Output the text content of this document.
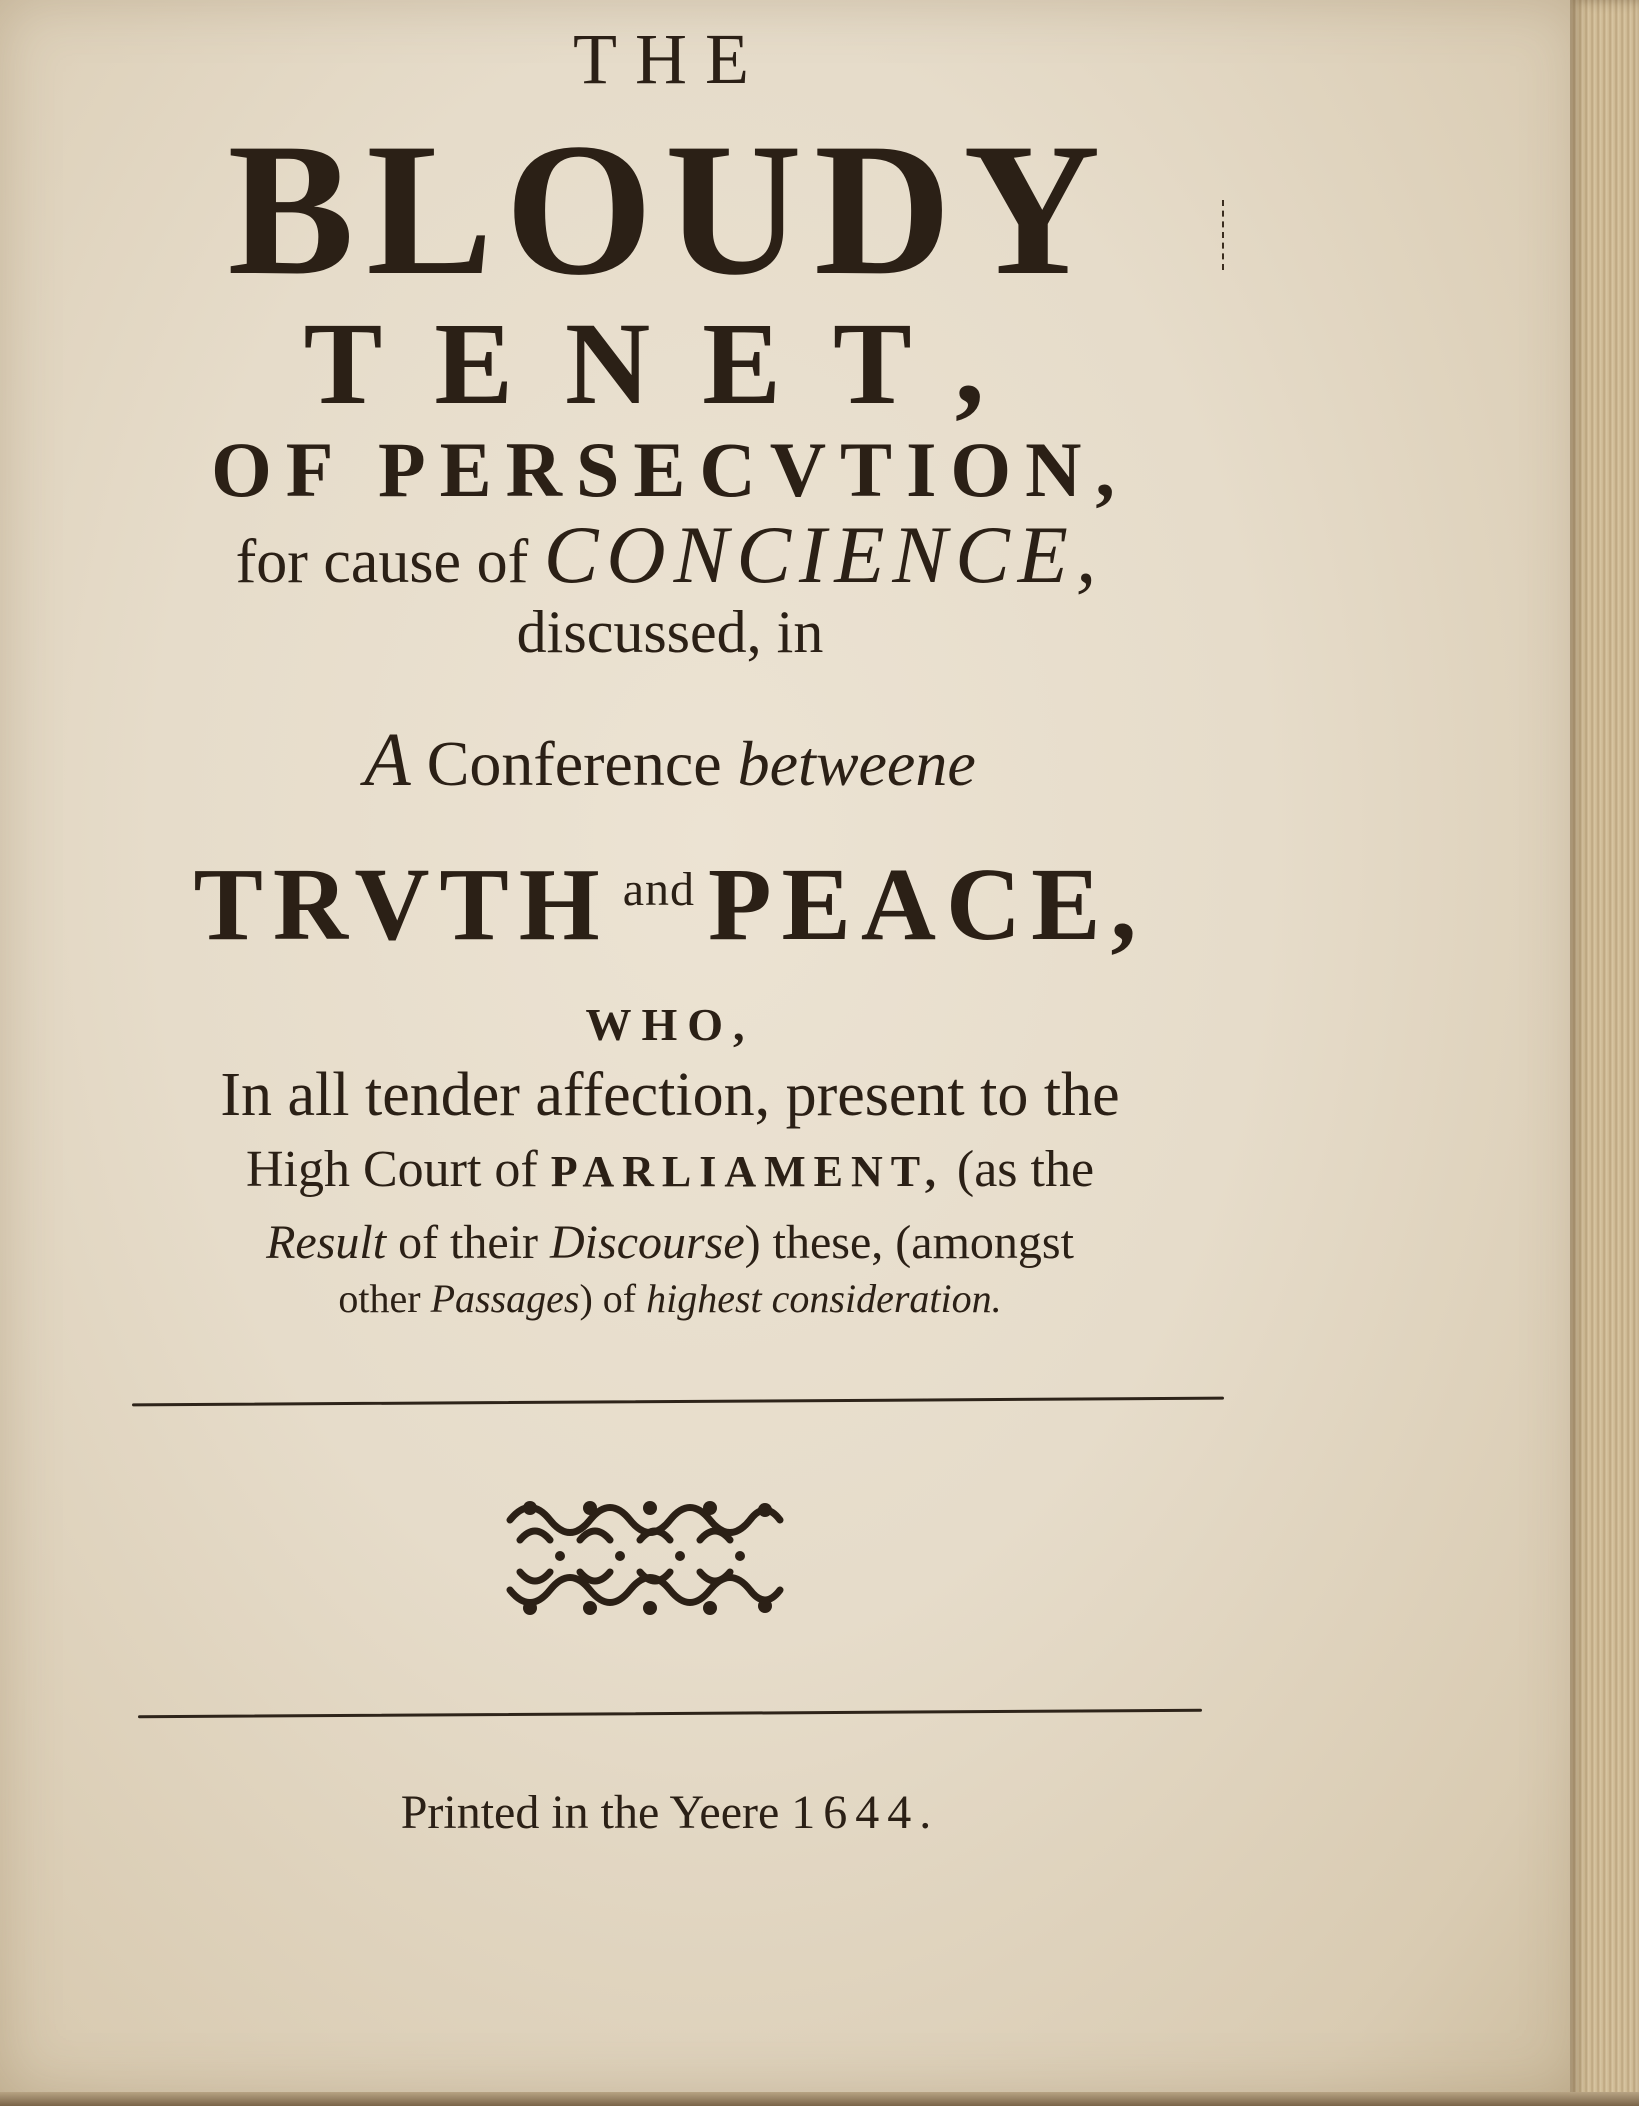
THE
BLOUDY
TENET,
OF PERSECVTION,
for cause of CONCIENCE,
discussed, in
A Conference betweene
TRVTH $^{and}$ PEACE,
WHO,
In all tender affection, present to the
High Court of PARLIAMENT, (as the
Result of their Discourse) these, (amongst
other Passages) of highest consideration.
Printed in the Yeere 1644.
